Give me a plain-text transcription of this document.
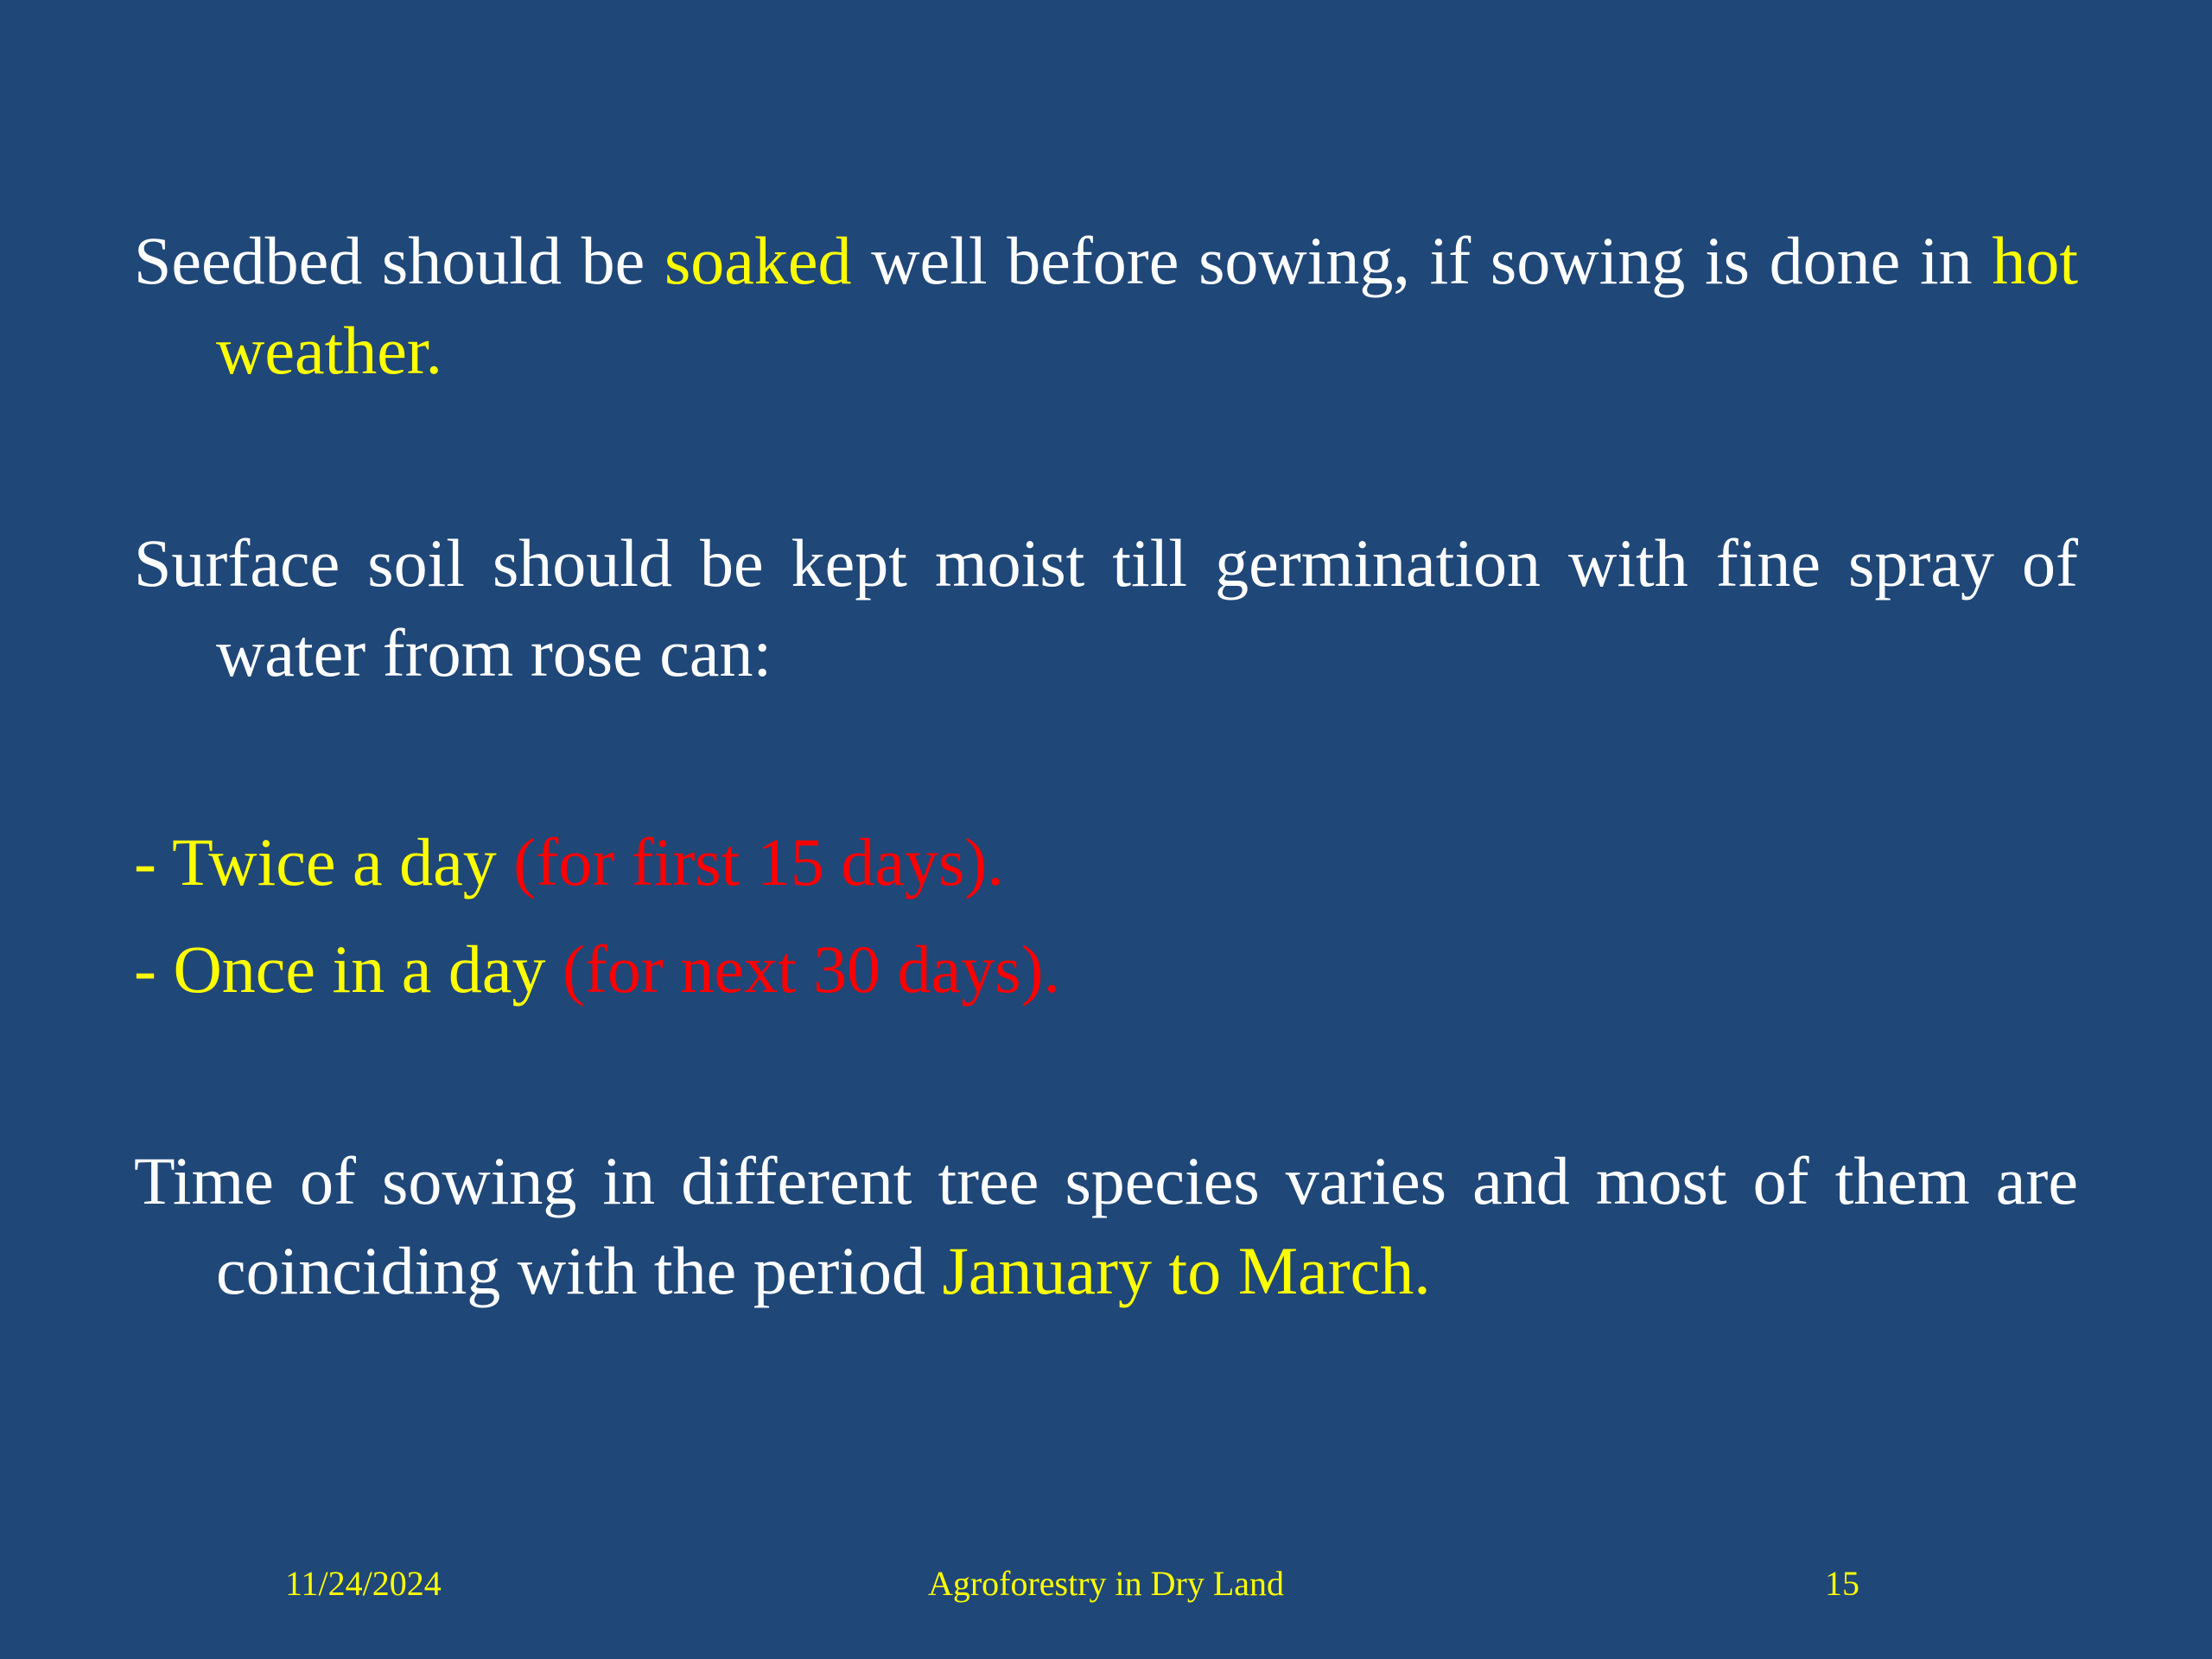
Seedbed should be soaked well before sowing, if sowing is done in hot weather.
Surface soil should be kept moist till germination with fine spray of water from rose can:
- Twice a day (for first 15 days).
- Once in a day (for next 30 days).
Time of sowing in different tree species varies and most of them are coinciding with the period January to March.
11/24/2024	Agroforestry in Dry Land	15
